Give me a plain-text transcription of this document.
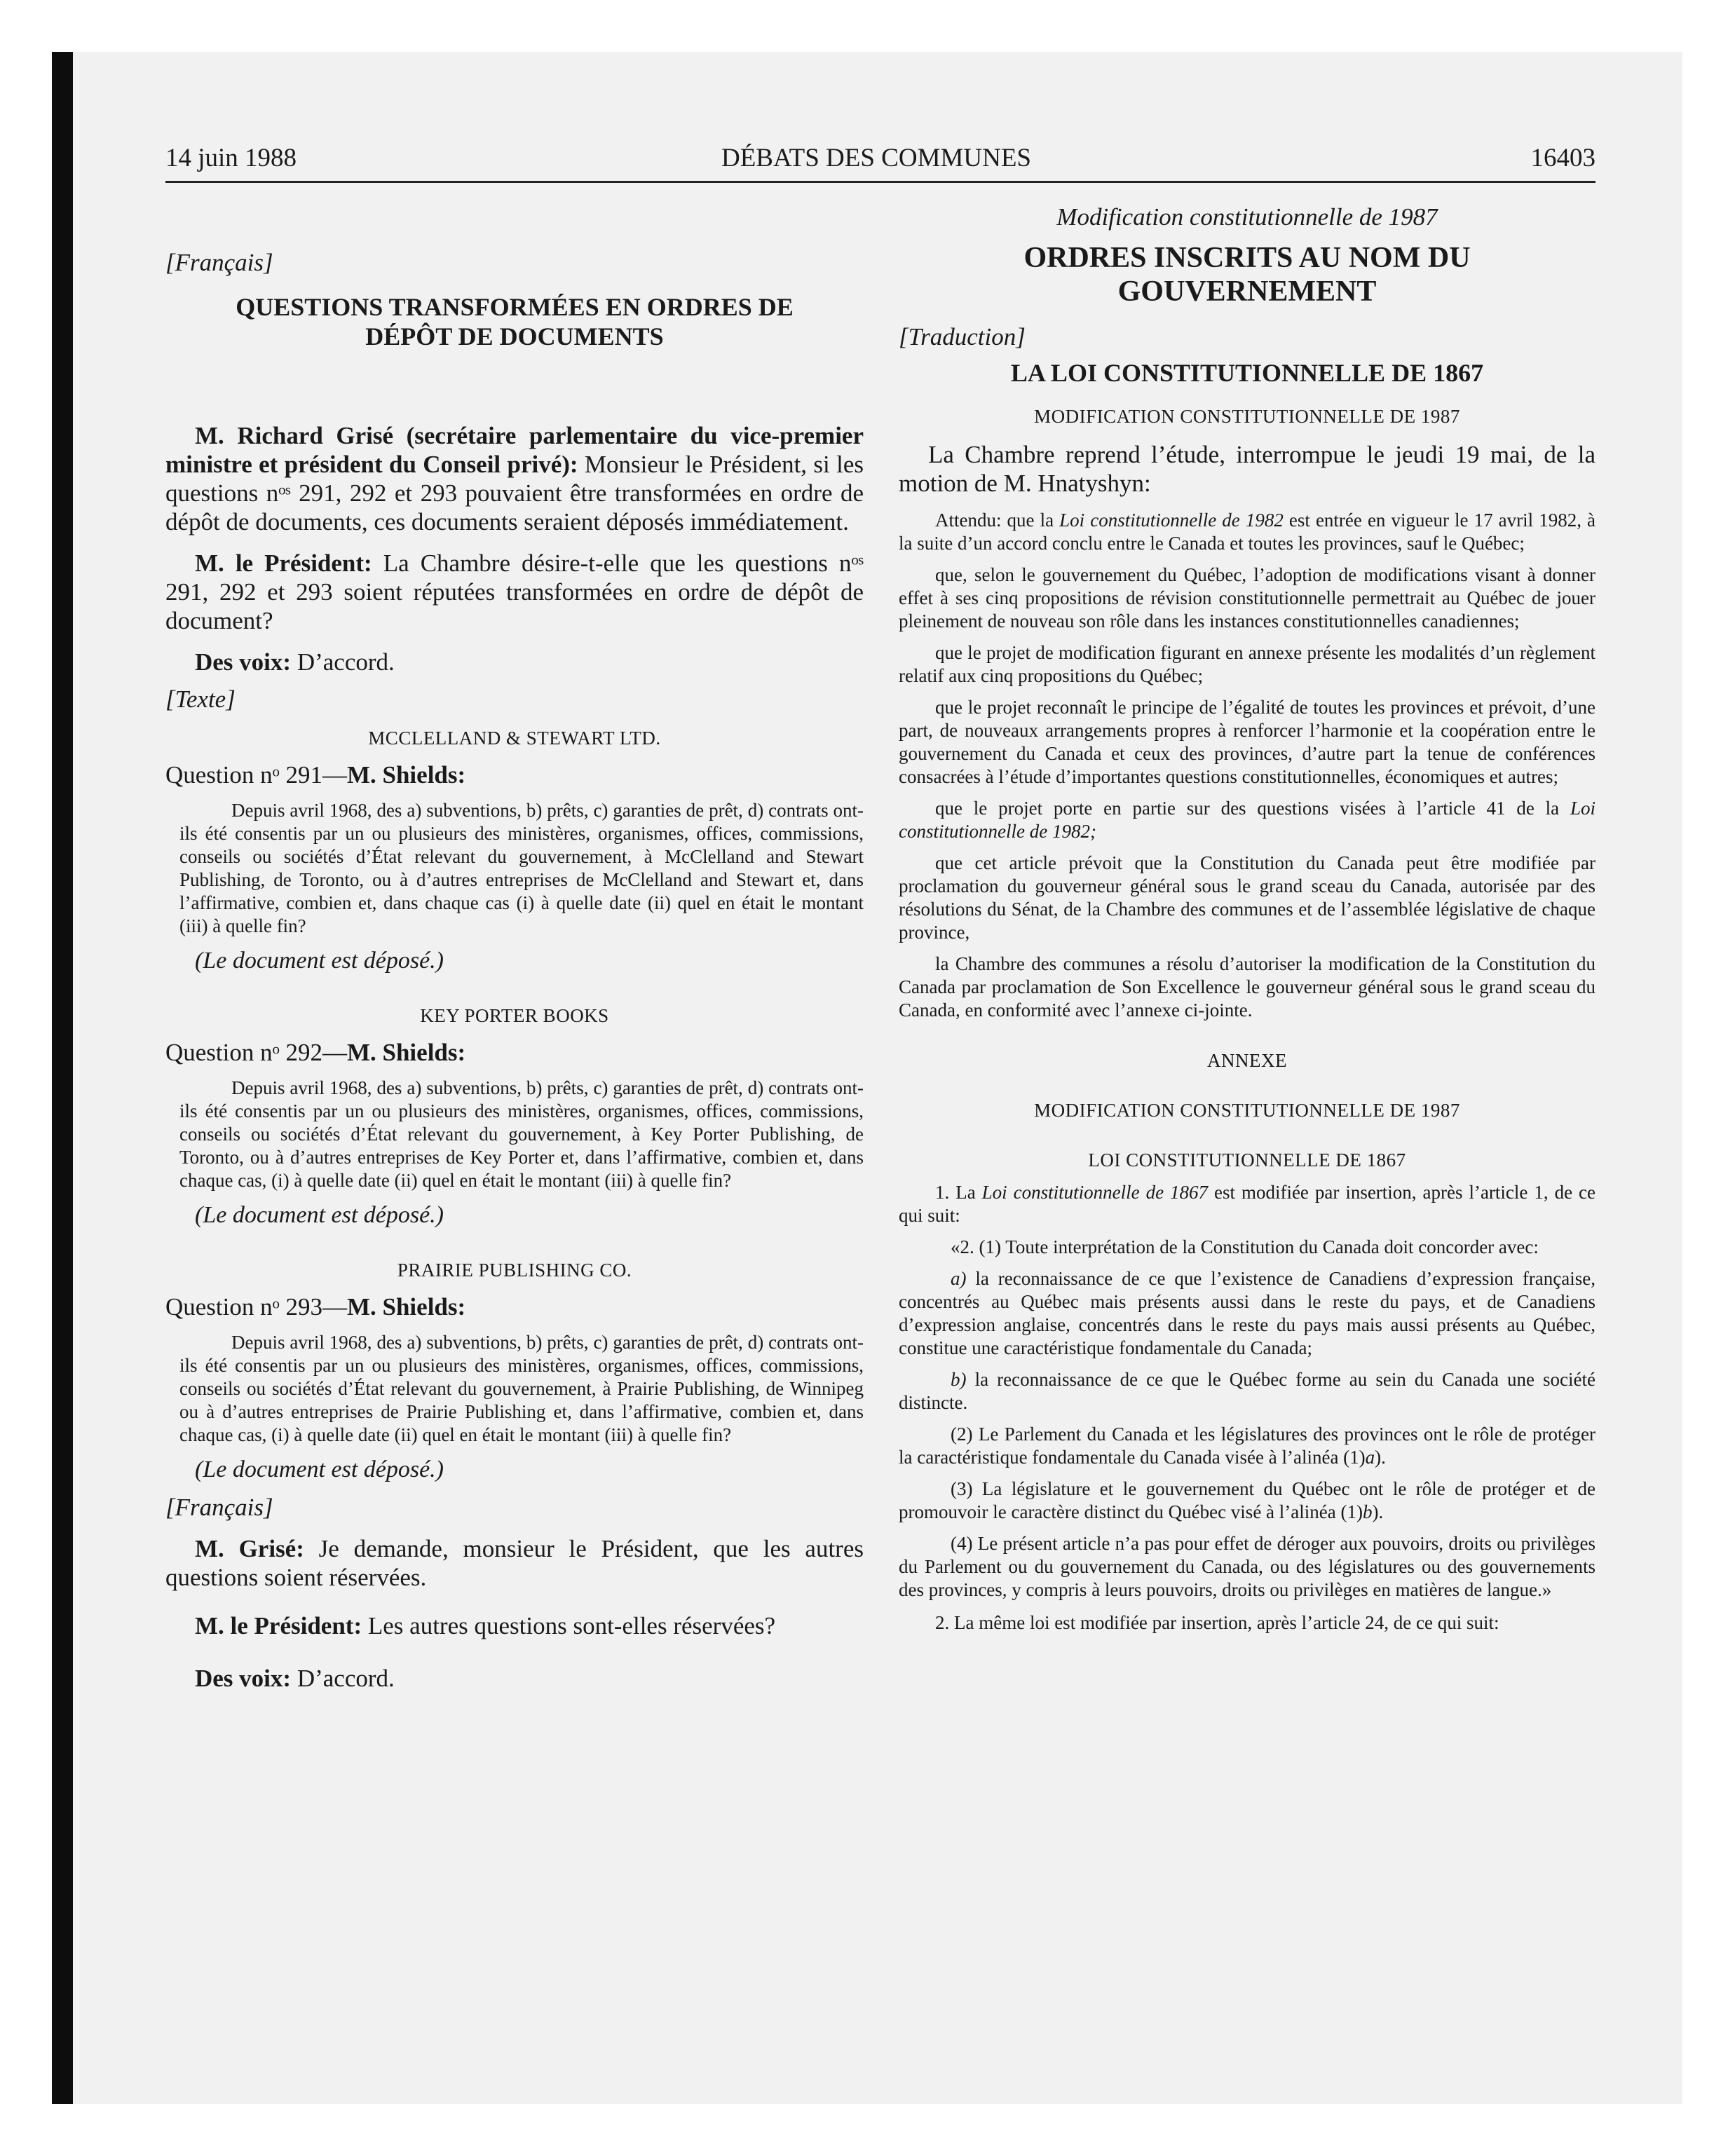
14 juin 1988	DÉBATS DES COMMUNES	16403

[Français]

QUESTIONS TRANSFORMÉES EN ORDRES DE DÉPÔT DE DOCUMENTS

M. Richard Grisé (secrétaire parlementaire du vice-premier ministre et président du Conseil privé): Monsieur le Président, si les questions nᵒˢ 291, 292 et 293 pouvaient être transformées en ordre de dépôt de documents, ces documents seraient déposés immédiatement.

M. le Président: La Chambre désire-t-elle que les questions nᵒˢ 291, 292 et 293 soient réputées transformées en ordre de dépôt de document?

Des voix: D’accord.

[Texte]

MCCLELLAND & STEWART LTD.

Question nᵒ 291—M. Shields:

Depuis avril 1968, des a) subventions, b) prêts, c) garanties de prêt, d) contrats ont-ils été consentis par un ou plusieurs des ministères, organismes, offices, commissions, conseils ou sociétés d’État relevant du gouvernement, à McClelland and Stewart Publishing, de Toronto, ou à d’autres entreprises de McClelland and Stewart et, dans l’affirmative, combien et, dans chaque cas (i) à quelle date (ii) quel en était le montant (iii) à quelle fin?

(Le document est déposé.)

KEY PORTER BOOKS

Question nᵒ 292—M. Shields:

Depuis avril 1968, des a) subventions, b) prêts, c) garanties de prêt, d) contrats ont-ils été consentis par un ou plusieurs des ministères, organismes, offices, commissions, conseils ou sociétés d’État relevant du gouvernement, à Key Porter Publishing, de Toronto, ou à d’autres entreprises de Key Porter et, dans l’affirmative, combien et, dans chaque cas, (i) à quelle date (ii) quel en était le montant (iii) à quelle fin?

(Le document est déposé.)

PRAIRIE PUBLISHING CO.

Question nᵒ 293—M. Shields:

Depuis avril 1968, des a) subventions, b) prêts, c) garanties de prêt, d) contrats ont-ils été consentis par un ou plusieurs des ministères, organismes, offices, commissions, conseils ou sociétés d’État relevant du gouvernement, à Prairie Publishing, de Winnipeg ou à d’autres entreprises de Prairie Publishing et, dans l’affirmative, combien et, dans chaque cas, (i) à quelle date (ii) quel en était le montant (iii) à quelle fin?

(Le document est déposé.)

[Français]

M. Grisé: Je demande, monsieur le Président, que les autres questions soient réservées.

M. le Président: Les autres questions sont-elles réservées?

Des voix: D’accord.

Modification constitutionnelle de 1987

ORDRES INSCRITS AU NOM DU GOUVERNEMENT

[Traduction]

LA LOI CONSTITUTIONNELLE DE 1867

MODIFICATION CONSTITUTIONNELLE DE 1987

La Chambre reprend l’étude, interrompue le jeudi 19 mai, de la motion de M. Hnatyshyn:

Attendu: que la Loi constitutionnelle de 1982 est entrée en vigueur le 17 avril 1982, à la suite d’un accord conclu entre le Canada et toutes les provinces, sauf le Québec;

que, selon le gouvernement du Québec, l’adoption de modifications visant à donner effet à ses cinq propositions de révision constitutionnelle permettrait au Québec de jouer pleinement de nouveau son rôle dans les instances constitutionnelles canadiennes;

que le projet de modification figurant en annexe présente les modalités d’un règlement relatif aux cinq propositions du Québec;

que le projet reconnaît le principe de l’égalité de toutes les provinces et prévoit, d’une part, de nouveaux arrangements propres à renforcer l’harmonie et la coopération entre le gouvernement du Canada et ceux des provinces, d’autre part la tenue de conférences consacrées à l’étude d’importantes questions constitutionnelles, économiques et autres;

que le projet porte en partie sur des questions visées à l’article 41 de la Loi constitutionnelle de 1982;

que cet article prévoit que la Constitution du Canada peut être modifiée par proclamation du gouverneur général sous le grand sceau du Canada, autorisée par des résolutions du Sénat, de la Chambre des communes et de l’assemblée législative de chaque province,

la Chambre des communes a résolu d’autoriser la modification de la Constitution du Canada par proclamation de Son Excellence le gouverneur général sous le grand sceau du Canada, en conformité avec l’annexe ci-jointe.

ANNEXE

MODIFICATION CONSTITUTIONNELLE DE 1987

LOI CONSTITUTIONNELLE DE 1867

1. La Loi constitutionnelle de 1867 est modifiée par insertion, après l’article 1, de ce qui suit:

«2. (1) Toute interprétation de la Constitution du Canada doit concorder avec:

a) la reconnaissance de ce que l’existence de Canadiens d’expression française, concentrés au Québec mais présents aussi dans le reste du pays, et de Canadiens d’expression anglaise, concentrés dans le reste du pays mais aussi présents au Québec, constitue une caractéristique fondamentale du Canada;

b) la reconnaissance de ce que le Québec forme au sein du Canada une société distincte.

(2) Le Parlement du Canada et les législatures des provinces ont le rôle de protéger la caractéristique fondamentale du Canada visée à l’alinéa (1)a).

(3) La législature et le gouvernement du Québec ont le rôle de protéger et de promouvoir le caractère distinct du Québec visé à l’alinéa (1)b).

(4) Le présent article n’a pas pour effet de déroger aux pouvoirs, droits ou privilèges du Parlement ou du gouvernement du Canada, ou des législatures ou des gouvernements des provinces, y compris à leurs pouvoirs, droits ou privilèges en matières de langue.»

2. La même loi est modifiée par insertion, après l’article 24, de ce qui suit:
